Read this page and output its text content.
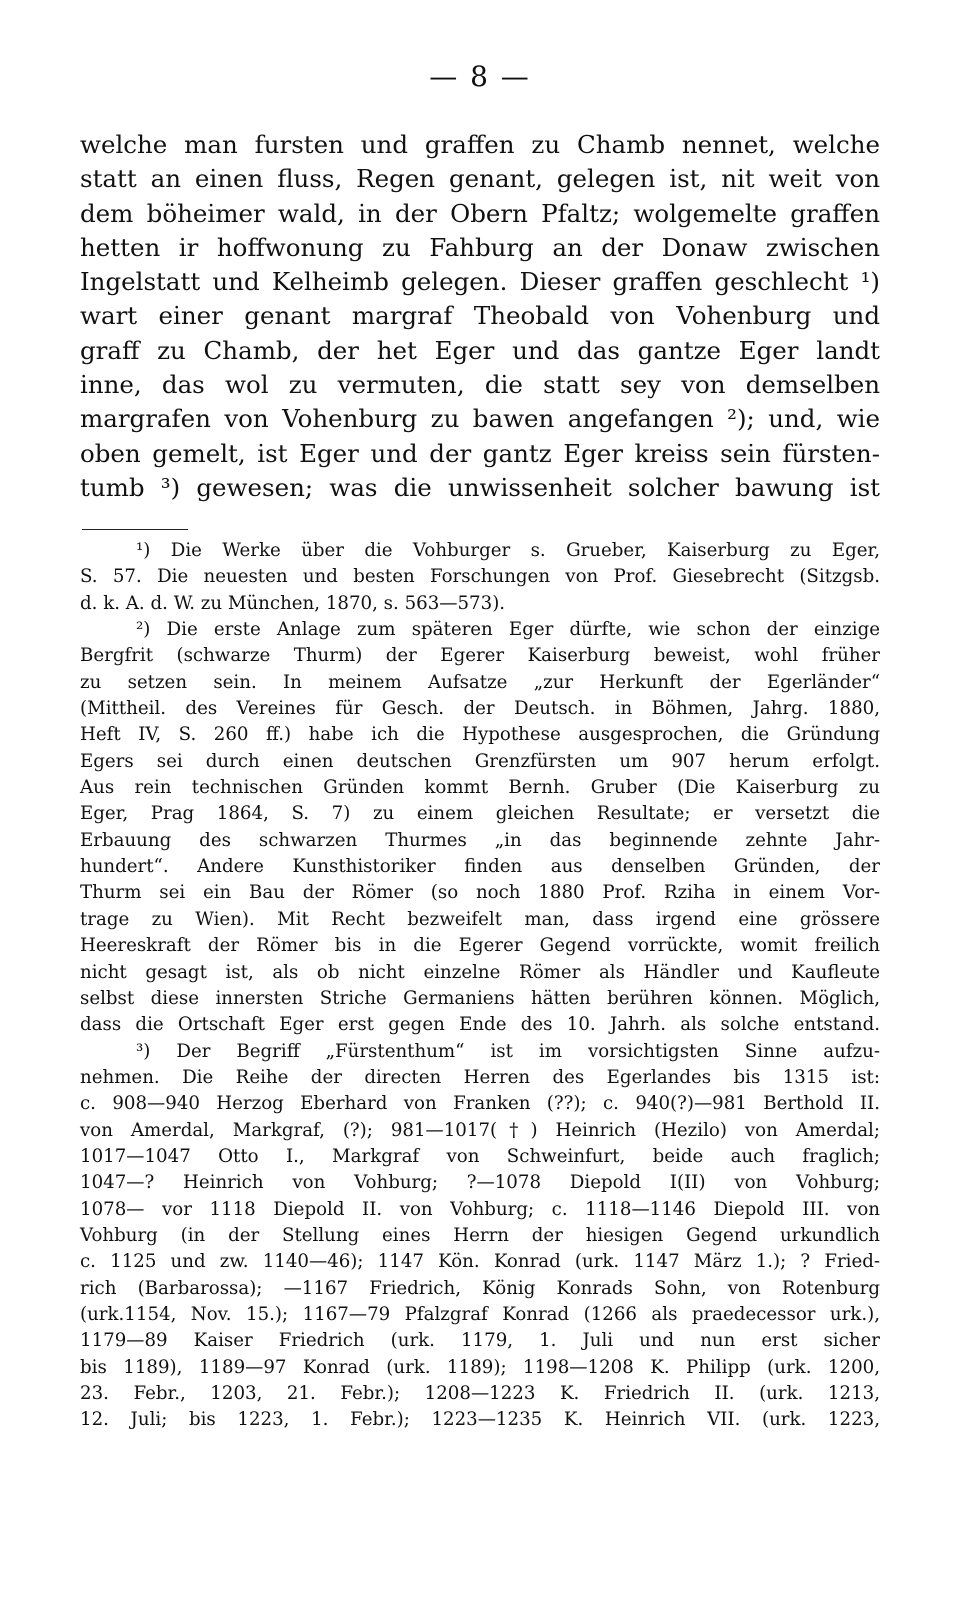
— 8 —
welche man fursten und graffen zu Chamb nennet, welche
statt an einen fluss, Regen genant, gelegen ist, nit weit von
dem böheimer wald, in der Obern Pfaltz; wolgemelte graffen
hetten ir hoffwonung zu Fahburg an der Donaw zwischen
Ingelstatt und Kelheimb gelegen. Dieser graffen geschlecht ¹)
wart einer genant margraf Theobald von Vohenburg und
graff zu Chamb, der het Eger und das gantze Eger landt
inne, das wol zu vermuten, die statt sey von demselben
margrafen von Vohenburg zu bawen angefangen ²); und, wie
oben gemelt, ist Eger und der gantz Eger kreiss sein fürsten-
tumb ³) gewesen; was die unwissenheit solcher bawung ist
¹) Die Werke über die Vohburger s. Grueber, Kaiserburg zu Eger,
S. 57. Die neuesten und besten Forschungen von Prof. Giesebrecht (Sitzgsb.
d. k. A. d. W. zu München, 1870, s. 563—573).
²) Die erste Anlage zum späteren Eger dürfte, wie schon der einzige
Bergfrit (schwarze Thurm) der Egerer Kaiserburg beweist, wohl früher
zu setzen sein. In meinem Aufsatze „zur Herkunft der Egerländer“
(Mittheil. des Vereines für Gesch. der Deutsch. in Böhmen, Jahrg. 1880,
Heft IV, S. 260 ff.) habe ich die Hypothese ausgesprochen, die Gründung
Egers sei durch einen deutschen Grenzfürsten um 907 herum erfolgt.
Aus rein technischen Gründen kommt Bernh. Gruber (Die Kaiserburg zu
Eger, Prag 1864, S. 7) zu einem gleichen Resultate; er versetzt die
Erbauung des schwarzen Thurmes „in das beginnende zehnte Jahr-
hundert“. Andere Kunsthistoriker finden aus denselben Gründen, der
Thurm sei ein Bau der Römer (so noch 1880 Prof. Rziha in einem Vor-
trage zu Wien). Mit Recht bezweifelt man, dass irgend eine grössere
Heereskraft der Römer bis in die Egerer Gegend vorrückte, womit freilich
nicht gesagt ist, als ob nicht einzelne Römer als Händler und Kaufleute
selbst diese innersten Striche Germaniens hätten berühren können. Möglich,
dass die Ortschaft Eger erst gegen Ende des 10. Jahrh. als solche entstand.
³) Der Begriff „Fürstenthum“ ist im vorsichtigsten Sinne aufzu-
nehmen. Die Reihe der directen Herren des Egerlandes bis 1315 ist:
c. 908—940 Herzog Eberhard von Franken (??); c. 940(?)—981 Berthold II.
von Amerdal, Markgraf, (?); 981—1017(†) Heinrich (Hezilo) von Amerdal;
1017—1047 Otto I., Markgraf von Schweinfurt, beide auch fraglich;
1047—? Heinrich von Vohburg; ?—1078 Diepold I(II) von Vohburg;
1078— vor 1118 Diepold II. von Vohburg; c. 1118—1146 Diepold III. von
Vohburg (in der Stellung eines Herrn der hiesigen Gegend urkundlich
c. 1125 und zw. 1140—46); 1147 Kön. Konrad (urk. 1147 März 1.); ? Fried-
rich (Barbarossa); —1167 Friedrich, König Konrads Sohn, von Rotenburg
(urk.1154, Nov. 15.); 1167—79 Pfalzgraf Konrad (1266 als praedecessor urk.),
1179—89 Kaiser Friedrich (urk. 1179, 1. Juli und nun erst sicher
bis 1189), 1189—97 Konrad (urk. 1189); 1198—1208 K. Philipp (urk. 1200,
23. Febr., 1203, 21. Febr.); 1208—1223 K. Friedrich II. (urk. 1213,
12. Juli; bis 1223, 1. Febr.); 1223—1235 K. Heinrich VII. (urk. 1223,
